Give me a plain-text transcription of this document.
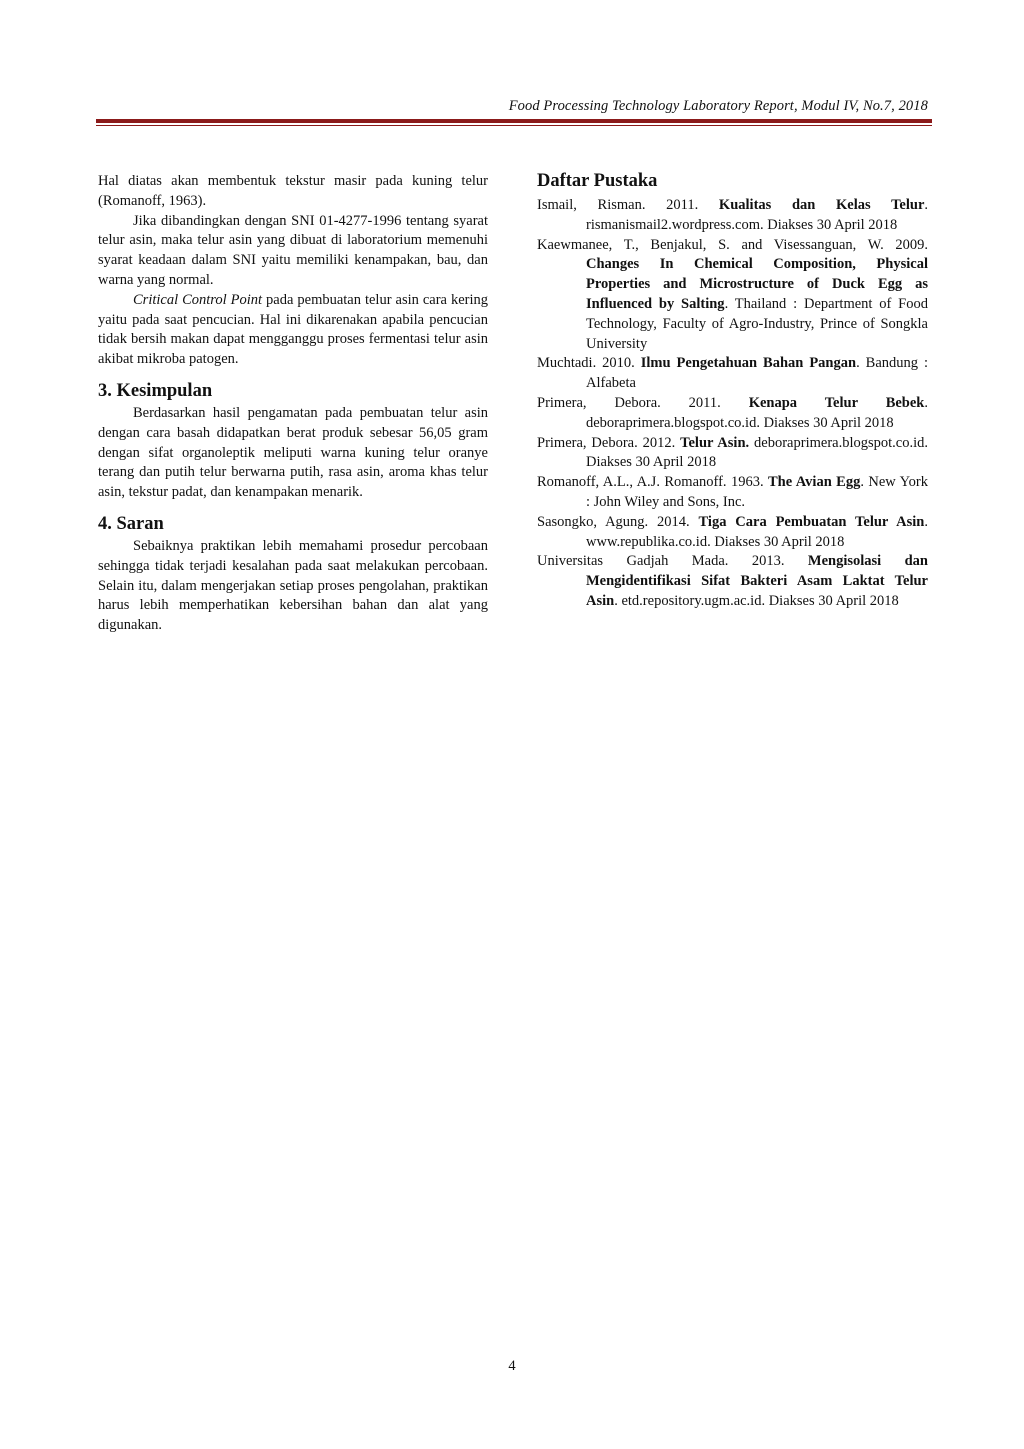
Food Processing Technology Laboratory Report, Modul IV, No.7, 2018

Hal diatas akan membentuk tekstur masir pada kuning telur (Romanoff, 1963).

Jika dibandingkan dengan SNI 01-4277-1996 tentang syarat telur asin, maka telur asin yang dibuat di laboratorium memenuhi syarat keadaan dalam SNI yaitu memiliki kenampakan, bau, dan warna yang normal.

Critical Control Point pada pembuatan telur asin cara kering yaitu pada saat pencucian. Hal ini dikarenakan apabila pencucian tidak bersih makan dapat mengganggu proses fermentasi telur asin akibat mikroba patogen.

3. Kesimpulan

Berdasarkan hasil pengamatan pada pembuatan telur asin dengan cara basah didapatkan berat produk sebesar 56,05 gram dengan sifat organoleptik meliputi warna kuning telur oranye terang dan putih telur berwarna putih, rasa asin, aroma khas telur asin, tekstur padat, dan kenampakan menarik.

4. Saran

Sebaiknya praktikan lebih memahami prosedur percobaan sehingga tidak terjadi kesalahan pada saat melakukan percobaan. Selain itu, dalam mengerjakan setiap proses pengolahan, praktikan harus lebih memperhatikan kebersihan bahan dan alat yang digunakan.

Daftar Pustaka

Ismail, Risman. 2011. Kualitas dan Kelas Telur. rismanismail2.wordpress.com. Diakses 30 April 2018

Kaewmanee, T., Benjakul, S. and Visessanguan, W. 2009. Changes In Chemical Composition, Physical Properties and Microstructure of Duck Egg as Influenced by Salting. Thailand : Department of Food Technology, Faculty of Agro-Industry, Prince of Songkla University

Muchtadi. 2010. Ilmu Pengetahuan Bahan Pangan. Bandung : Alfabeta

Primera, Debora. 2011. Kenapa Telur Bebek. deboraprimera.blogspot.co.id. Diakses 30 April 2018

Primera, Debora. 2012. Telur Asin. deboraprimera.blogspot.co.id. Diakses 30 April 2018

Romanoff, A.L., A.J. Romanoff. 1963. The Avian Egg. New York : John Wiley and Sons, Inc.

Sasongko, Agung. 2014. Tiga Cara Pembuatan Telur Asin. www.republika.co.id. Diakses 30 April 2018

Universitas Gadjah Mada. 2013. Mengisolasi dan Mengidentifikasi Sifat Bakteri Asam Laktat Telur Asin. etd.repository.ugm.ac.id. Diakses 30 April 2018

4
